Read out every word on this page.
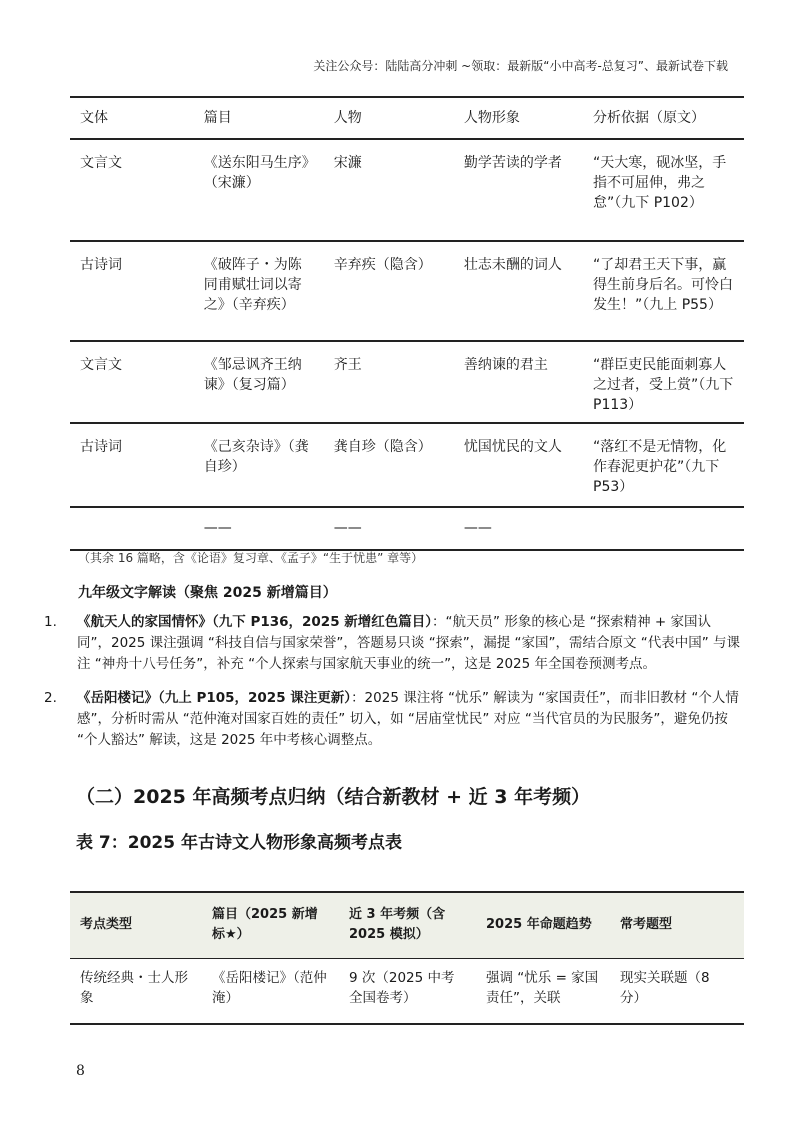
关注公众号：陆陆高分冲刺 ~领取：最新版“小中高考-总复习”、最新试卷下载
文体	篇目	人物	人物形象	分析依据（原文）
文言文	《送东阳马生序》（宋濂）	宋濂	勤学苦读的学者	“天大寒，砚冰坚，手指不可屈伸，弗之怠”（九下 P102）
古诗词	《破阵子・为陈同甫赋壮词以寄之》（辛弃疾）	辛弃疾（隐含）	壮志未酬的词人	“了却君王天下事，赢得生前身后名。可怜白发生！”（九上 P55）
文言文	《邹忌讽齐王纳谏》（复习篇）	齐王	善纳谏的君主	“群臣吏民能面刺寡人之过者，受上赏”（九下 P113）
古诗词	《己亥杂诗》（龚自珍）	龚自珍（隐含）	忧国忧民的文人	“落红不是无情物，化作春泥更护花”（九下 P53）
	——	——	——	
（其余 16 篇略，含《论语》复习章、《孟子》“生于忧患” 章等）
九年级文字解读（聚焦 2025 新增篇目）
1. 《航天人的家国情怀》（九下 P136，2025 新增红色篇目）：“航天员” 形象的核心是 “探索精神 + 家国认同”，2025 课注强调 “科技自信与国家荣誉”，答题易只谈 “探索”，漏提 “家国”，需结合原文 “代表中国” 与课注 “神舟十八号任务”，补充 “个人探索与国家航天事业的统一”，这是 2025 年全国卷预测考点。
2. 《岳阳楼记》（九上 P105，2025 课注更新）：2025 课注将 “忧乐” 解读为 “家国责任”，而非旧教材 “个人情感”，分析时需从 “范仲淹对国家百姓的责任” 切入，如 “居庙堂忧民” 对应 “当代官员的为民服务”，避免仍按 “个人豁达” 解读，这是 2025 年中考核心调整点。
（二）2025 年高频考点归纳（结合新教材 + 近 3 年考频）
表 7：2025 年古诗文人物形象高频考点表
考点类型	篇目（2025 新增标★）	近 3 年考频（含 2025 模拟）	2025 年命题趋势	常考题型
传统经典・士人形象	《岳阳楼记》（范仲淹）	9 次（2025 中考全国卷考）	强调 “忧乐 = 家国责任”，关联	现实关联题（8 分）
8
